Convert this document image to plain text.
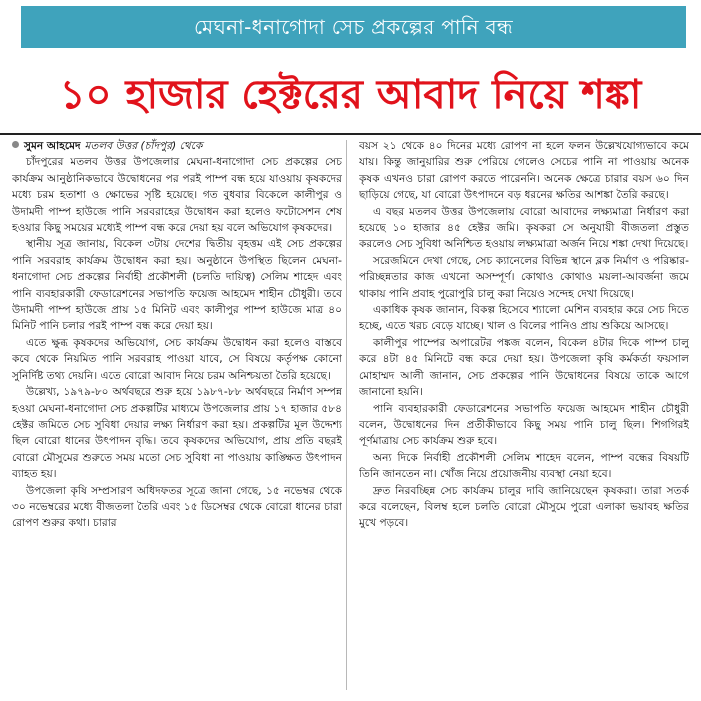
মেঘনা-ধনাগোদা সেচ প্রকল্পের পানি বন্ধ
১০ হাজার হেক্টরের আবাদ নিয়ে শঙ্কা

সুমন আহমেদ মতলব উত্তর (চাঁদপুর) থেকে

চাঁদপুরের মতলব উত্তর উপজেলার মেঘনা-ধনাগোদা সেচ প্রকল্পের সেচ কার্যক্রম আনুষ্ঠানিকভাবে উদ্বোধনের পর পরই পাম্প বন্ধ হয়ে যাওয়ায় কৃষকদের মধ্যে চরম হতাশা ও ক্ষোভের সৃষ্টি হয়েছে। গত বুধবার বিকেলে কালীপুর ও উদামদী পাম্প হাউজে পানি সরবরাহের উদ্বোধন করা হলেও ফটোসেশন শেষ হওয়ার কিছু সময়ের মধ্যেই পাম্প বন্ধ করে দেয়া হয় বলে অভিযোগ কৃষকদের।

স্থানীয় সূত্র জানায়, বিকেল ৩টায় দেশের দ্বিতীয় বৃহত্তম এই সেচ প্রকল্পের পানি সরবরাহ কার্যক্রম উদ্বোধন করা হয়। অনুষ্ঠানে উপস্থিত ছিলেন মেঘনা-ধনাগোদা সেচ প্রকল্পের নির্বাহী প্রকৌশলী (চলতি দায়িত্ব) সেলিম শাহেদ এবং পানি ব্যবহারকারী ফেডারেশনের সভাপতি ফয়েজ আহমেদ শাহীন চৌধুরী। তবে উদামদী পাম্প হাউজে প্রায় ১৫ মিনিট এবং কালীপুর পাম্প হাউজে মাত্র ৪০ মিনিট পানি চলার পরই পাম্প বন্ধ করে দেয়া হয়।

এতে ক্ষুব্ধ কৃষকদের অভিযোগ, সেচ কার্যক্রম উদ্বোধন করা হলেও বাস্তবে কবে থেকে নিয়মিত পানি সরবরাহ পাওয়া যাবে, সে বিষয়ে কর্তৃপক্ষ কোনো সুনির্দিষ্ট তথ্য দেয়নি। এতে বোরো আবাদ নিয়ে চরম অনিশ্চয়তা তৈরি হয়েছে।

উল্লেখ্য, ১৯৭৯-৮০ অর্থবছরে শুরু হয়ে ১৯৮৭-৮৮ অর্থবছরে নির্মাণ সম্পন্ন হওয়া মেঘনা-ধনাগোদা সেচ প্রকল্পটির মাধ্যমে উপজেলার প্রায় ১৭ হাজার ৫৮৪ হেক্টর জমিতে সেচ সুবিধা দেয়ার লক্ষ্য নির্ধারণ করা হয়। প্রকল্পটির মূল উদ্দেশ্য ছিল বোরো ধানের উৎপাদন বৃদ্ধি। তবে কৃষকদের অভিযোগ, প্রায় প্রতি বছরই বোরো মৌসুমের শুরুতে সময় মতো সেচ সুবিধা না পাওয়ায় কাঙ্ক্ষিত উৎপাদন ব্যাহত হয়।

উপজেলা কৃষি সম্প্রসারণ অধিদফতর সূত্রে জানা গেছে, ১৫ নভেম্বর থেকে ৩০ নভেম্বরের মধ্যে বীজতলা তৈরি এবং ১৫ ডিসেম্বর থেকে বোরো ধানের চারা রোপণ শুরুর কথা। চারার

বয়স ২১ থেকে ৪০ দিনের মধ্যে রোপণ না হলে ফলন উল্লেখযোগ্যভাবে কমে যায়। কিন্তু জানুয়ারির শুরু পেরিয়ে গেলেও সেচের পানি না পাওয়ায় অনেক কৃষক এখনও চারা রোপণ করতে পারেননি। অনেক ক্ষেত্রে চারার বয়স ৬০ দিন ছাড়িয়ে গেছে, যা বোরো উৎপাদনে বড় ধরনের ক্ষতির আশঙ্কা তৈরি করছে।

এ বছর মতলব উত্তর উপজেলায় বোরো আবাদের লক্ষ্যমাত্রা নির্ধারণ করা হয়েছে ১০ হাজার ৪৫ হেক্টর জমি। কৃষকরা সে অনুযায়ী বীজতলা প্রস্তুত করলেও সেচ সুবিধা অনিশ্চিত হওয়ায় লক্ষ্যমাত্রা অর্জন নিয়ে শঙ্কা দেখা দিয়েছে।

সরেজমিনে দেখা গেছে, সেচ ক্যানেলের বিভিন্ন স্থানে ব্লক নির্মাণ ও পরিষ্কার-পরিচ্ছন্নতার কাজ এখনো অসম্পূর্ণ। কোথাও কোথাও ময়লা-আবর্জনা জমে থাকায় পানি প্রবাহ পুরোপুরি চালু করা নিয়েও সন্দেহ দেখা দিয়েছে।

একাধিক কৃষক জানান, বিকল্প হিসেবে শ্যালো মেশিন ব্যবহার করে সেচ দিতে হচ্ছে, এতে খরচ বেড়ে যাচ্ছে। খাল ও বিলের পানিও প্রায় শুকিয়ে আসছে।

কালীপুর পাম্পের অপারেটর পঙ্কজ বলেন, বিকেল ৪টার দিকে পাম্প চালু করে ৪টা ৪৫ মিনিটে বন্ধ করে দেয়া হয়। উপজেলা কৃষি কর্মকর্তা ফয়সাল মোহাম্মদ আলী জানান, সেচ প্রকল্পের পানি উদ্বোধনের বিষয়ে তাকে আগে জানানো হয়নি।

পানি ব্যবহারকারী ফেডারেশনের সভাপতি ফয়েজ আহমেদ শাহীন চৌধুরী বলেন, উদ্বোধনের দিন প্রতীকীভাবে কিছু সময় পানি চালু ছিল। শিগগিরই পূর্ণমাত্রায় সেচ কার্যক্রম শুরু হবে।

অন্য দিকে নির্বাহী প্রকৌশলী সেলিম শাহেদ বলেন, পাম্প বন্ধের বিষয়টি তিনি জানতেন না। খোঁজ নিয়ে প্রয়োজনীয় ব্যবস্থা নেয়া হবে।

দ্রুত নিরবচ্ছিন্ন সেচ কার্যক্রম চালুর দাবি জানিয়েছেন কৃষকরা। তারা সতর্ক করে বলেছেন, বিলম্ব হলে চলতি বোরো মৌসুমে পুরো এলাকা ভয়াবহ ক্ষতির মুখে পড়বে।
